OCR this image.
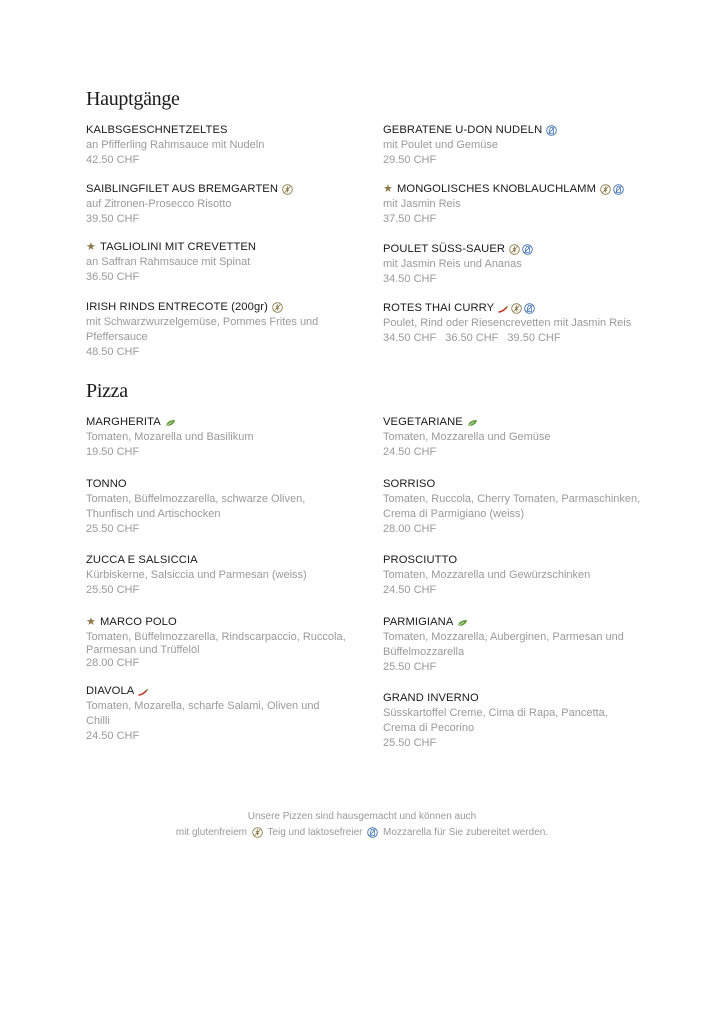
Hauptgänge
KALBSGESCHNETZELTES
an Pfifferling Rahmsauce mit Nudeln
42.50 CHF
SAIBLINGFILET AUS BREMGARTEN
auf Zitronen-Prosecco Risotto
39.50 CHF
★ TAGLIOLINI MIT CREVETTEN
an Saffran Rahmsauce mit Spinat
36.50 CHF
IRISH RINDS ENTRECOTE (200gr)
mit Schwarzwurzelgemüse, Pommes Frites und Pfeffersauce
48.50 CHF
GEBRATENE U-DON NUDELN
mit Poulet und Gemüse
29.50 CHF
★ MONGOLISCHES KNOBLAUCHLAMM
mit Jasmin Reis
37.50 CHF
POULET SÜSS-SAUER
mit Jasmin Reis und Ananas
34.50 CHF
ROTES THAI CURRY
Poulet, Rind oder Riesencrevetten mit Jasmin Reis
34.50 CHF 36.50 CHF 39.50 CHF
Pizza
MARGHERITA
Tomaten, Mozarella und Basilikum
19.50 CHF
TONNO
Tomaten, Büffelmozzarella, schwarze Oliven, Thunfisch und Artischocken
25.50 CHF
ZUCCA E SALSICCIA
Kürbiskerne, Salsiccia und Parmesan (weiss)
25.50 CHF
★ MARCO POLO
Tomaten, Büffelmozzarella, Rindscarpaccio, Ruccola, Parmesan und Trüffelöl
28.00 CHF
DIAVOLA
Tomaten, Mozarella, scharfe Salami, Oliven und Chilli
24.50 CHF
VEGETARIANE
Tomaten, Mozzarella und Gemüse
24.50 CHF
SORRISO
Tomaten, Ruccola, Cherry Tomaten, Parmaschinken, Crema di Parmigiano (weiss)
28.00 CHF
PROSCIUTTO
Tomaten, Mozzarella und Gewürzschinken
24.50 CHF
PARMIGIANA
Tomaten, Mozzarella, Auberginen, Parmesan und Büffelmozzarella
25.50 CHF
GRAND INVERNO
Süsskartoffel Creme, Cima di Rapa, Pancetta, Crema di Pecorino
25.50 CHF
Unsere Pizzen sind hausgemacht und können auch
mit glutenfreiem Teig und laktosefreier Mozzarella für Sie zubereitet werden.
